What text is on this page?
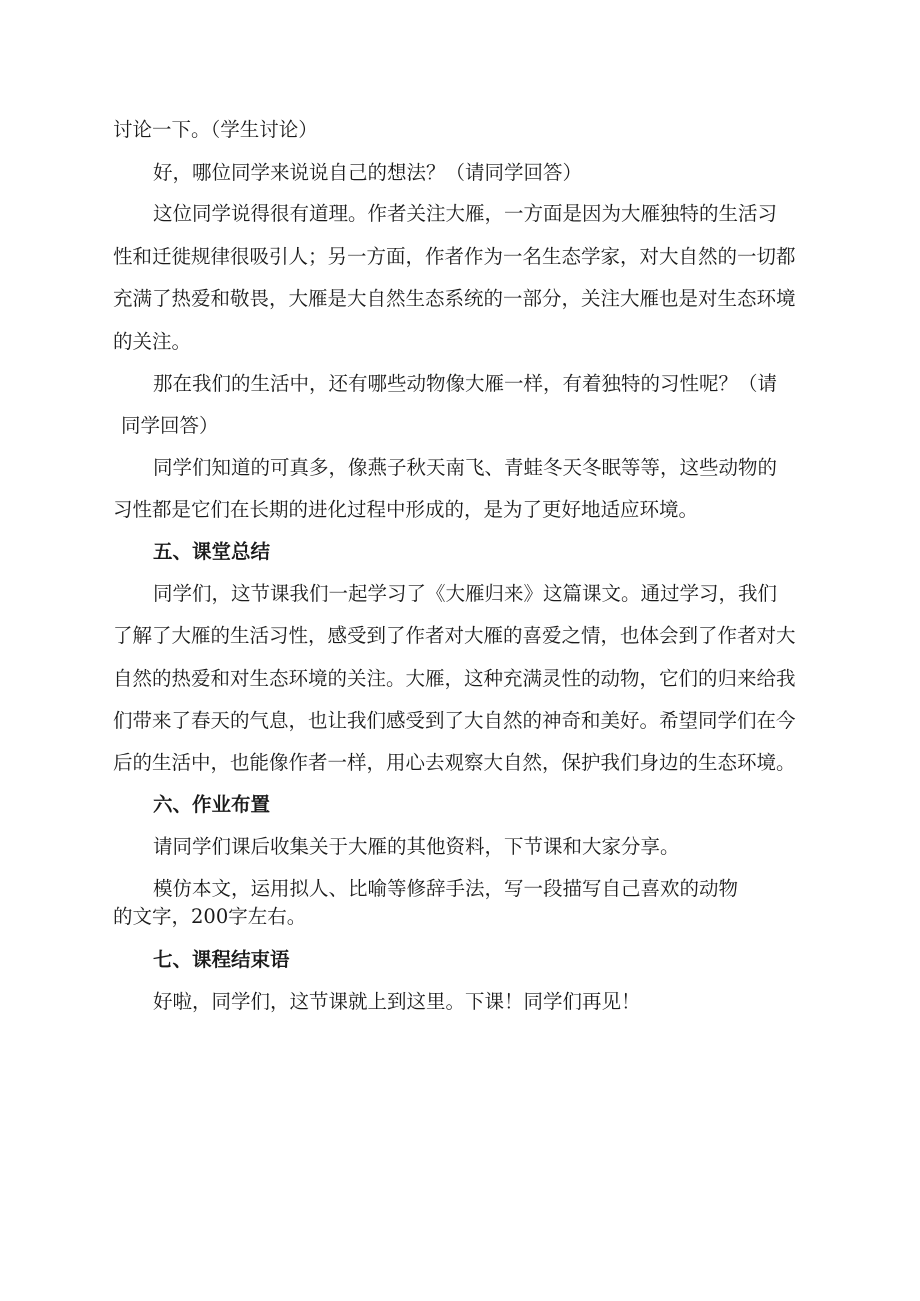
讨论一下。（学生讨论）
好，哪位同学来说说自己的想法？（请同学回答）
这位同学说得很有道理。作者关注大雁，一方面是因为大雁独特的生活习
性和迁徙规律很吸引人；另一方面，作者作为一名生态学家，对大自然的一切都
充满了热爱和敬畏，大雁是大自然生态系统的一部分，关注大雁也是对生态环境
的关注。
那在我们的生活中，还有哪些动物像大雁一样，有着独特的习性呢？（请
同学回答）
同学们知道的可真多，像燕子秋天南飞、青蛙冬天冬眠等等，这些动物的
习性都是它们在长期的进化过程中形成的，是为了更好地适应环境。
五、课堂总结
同学们，这节课我们一起学习了《大雁归来》这篇课文。通过学习，我们
了解了大雁的生活习性，感受到了作者对大雁的喜爱之情，也体会到了作者对大
自然的热爱和对生态环境的关注。大雁，这种充满灵性的动物，它们的归来给我
们带来了春天的气息，也让我们感受到了大自然的神奇和美好。希望同学们在今
后的生活中，也能像作者一样，用心去观察大自然，保护我们身边的生态环境。
六、作业布置
请同学们课后收集关于大雁的其他资料，下节课和大家分享。
模仿本文，运用拟人、比喻等修辞手法，写一段描写自己喜欢的动物
的文字，200字左右。
七、课程结束语
好啦，同学们，这节课就上到这里。下课！同学们再见！
